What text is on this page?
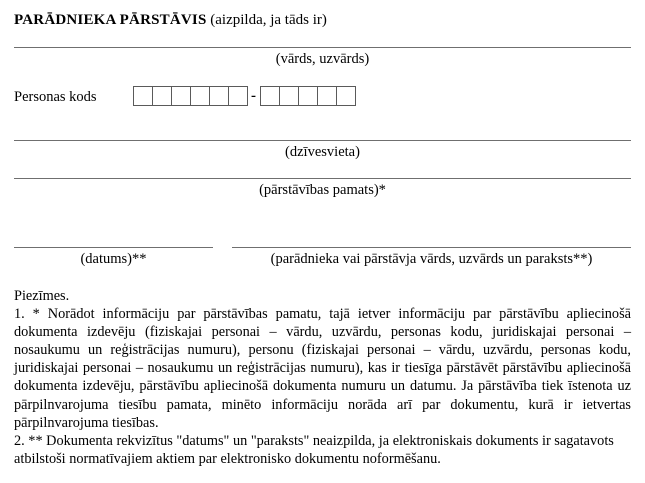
PARĀDNIEKA PĀRSTĀVIS (aizpilda, ja tāds ir)
(vārds, uzvārds)
Personas kods	-
(dzīvesvieta)
(pārstāvības pamats)*
(datums)**	(parādnieka vai pārstāvja vārds, uzvārds un paraksts**)
Piezīmes.
1. * Norādot informāciju par pārstāvības pamatu, tajā ietver informāciju par pārstāvību apliecinošā dokumenta izdevēju (fiziskajai personai – vārdu, uzvārdu, personas kodu, juridiskajai personai – nosaukumu un reģistrācijas numuru), personu (fiziskajai personai – vārdu, uzvārdu, personas kodu, juridiskajai personai – nosaukumu un reģistrācijas numuru), kas ir tiesīga pārstāvēt pārstāvību apliecinošā dokumenta izdevēju, pārstāvību apliecinošā dokumenta numuru un datumu. Ja pārstāvība tiek īstenota uz pārpilnvarojuma tiesību pamata, minēto informāciju norāda arī par dokumentu, kurā ir ietvertas pārpilnvarojuma tiesības.
2. ** Dokumenta rekvizītus "datums" un "paraksts" neaizpilda, ja elektroniskais dokuments ir sagatavots atbilstoši normatīvajiem aktiem par elektronisko dokumentu noformēšanu.
